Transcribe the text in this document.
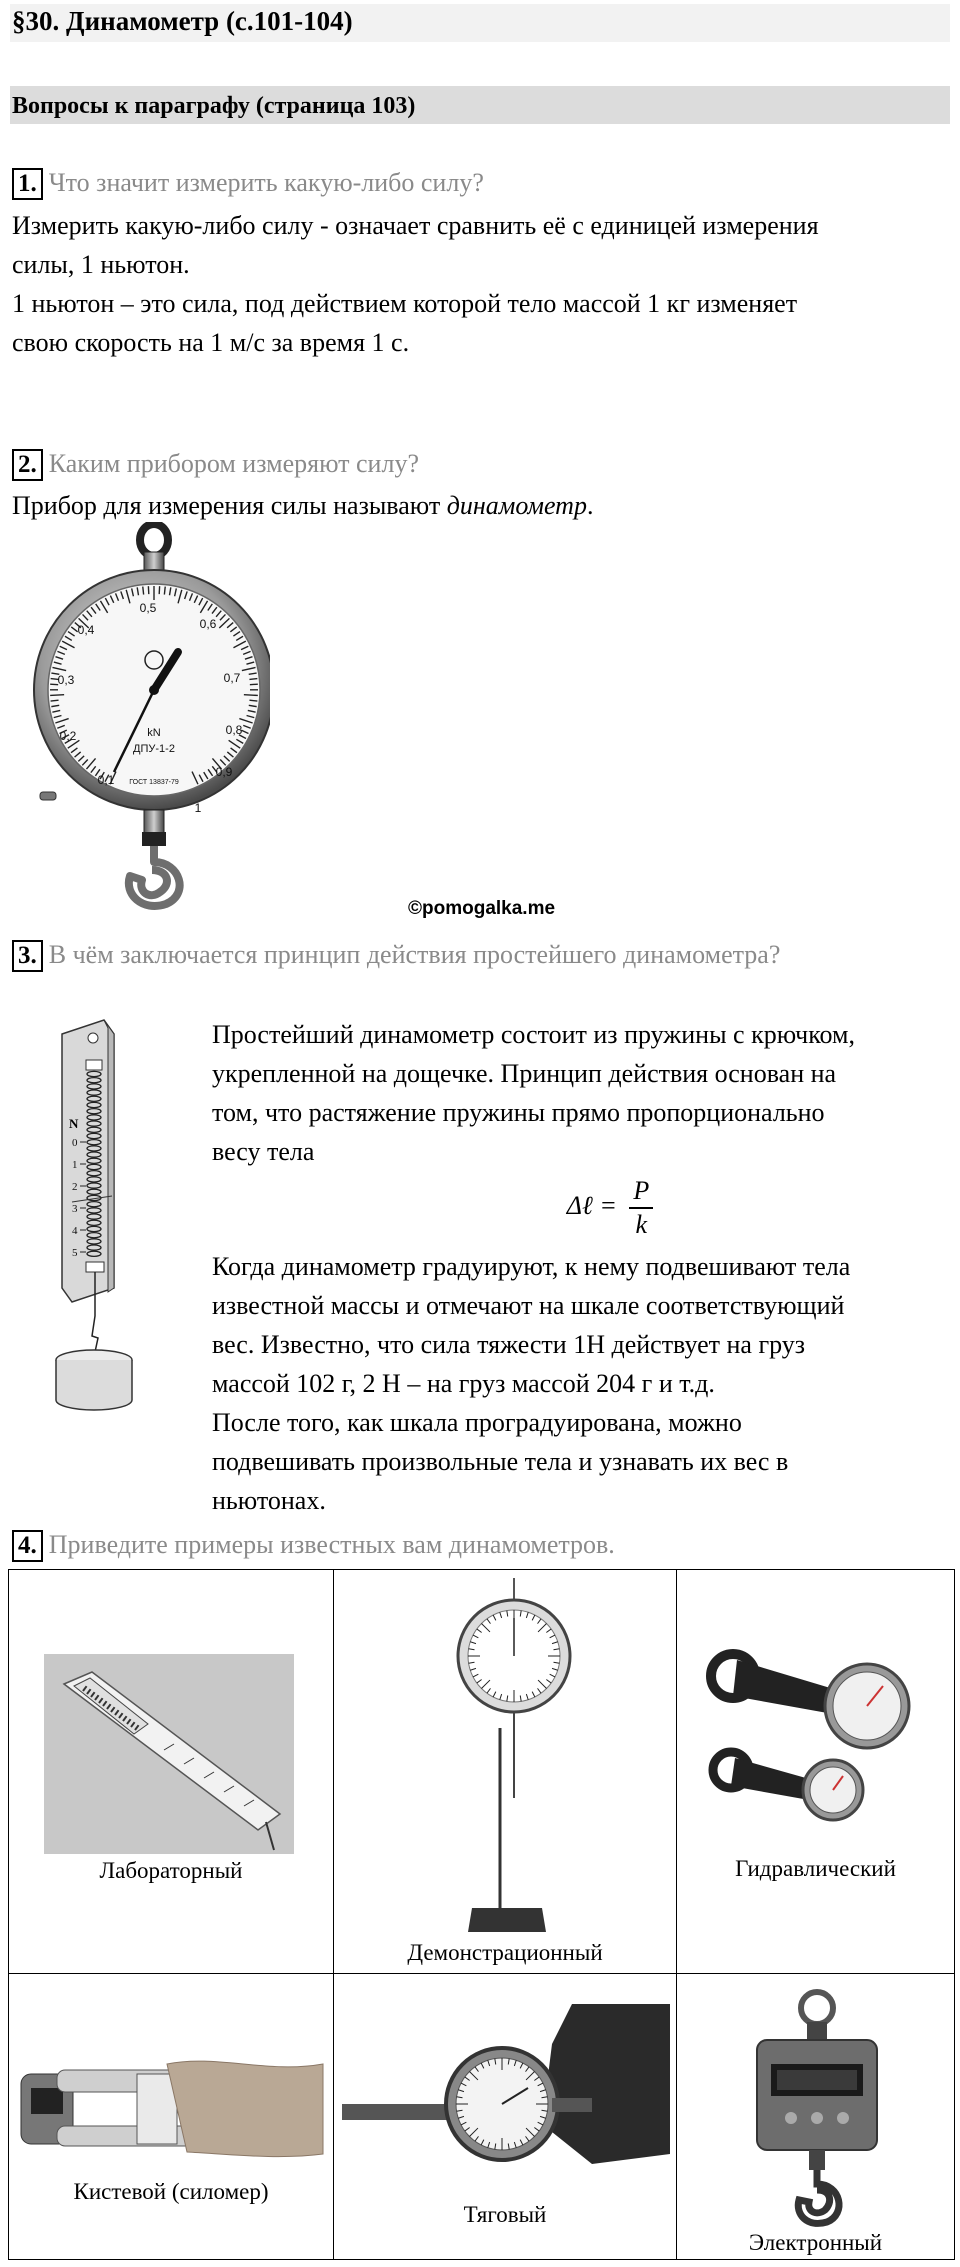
§30. Динамометр (с.101-104)
Вопросы к параграфу (страница 103)
1. Что значит измерить какую-либо силу?

Измерить какую-либо силу - означает сравнить её с единицей измерения

силы, 1 ньютон.

1 ньютон – это сила, под действием которой тело массой 1 кг изменяет

свою скорость на 1 м/с за время 1 с.

2. Каким прибором измеряют силу?

Прибор для измерения силы называют динамометр.

0,1
0,2
0,3
0,4
0,5
0,6
0,7
0,8
0,9
1
kN
ДПУ-1-2
ГОСТ 13837-79
©pomogalka.me
3. В чём заключается принцип действия простейшего динамометра?
N
0
1
2
3
4
5

Простейший динамометр состоит из пружины с крючком,

укрепленной на дощечке. Принцип действия основан на

том, что растяжение пружины прямо пропорционально

весу тела

Δℓ = $\frac{P}{k}$

Когда динамометр градуируют, к нему подвешивают тела

известной массы и отмечают на шкале соответствующий

вес. Известно, что сила тяжести 1Н действует на груз

массой 102 г, 2 Н – на груз массой 204 г и т.д.

После того, как шкала проградуирована, можно

подвешивать произвольные тела и узнавать их вес в

ньютонах.

4. Приведите примеры известных вам динамометров.
Лабораторный	Демонстрационный	Гидравлический

Кистевой (силомер)	Тяговый	Электронный
